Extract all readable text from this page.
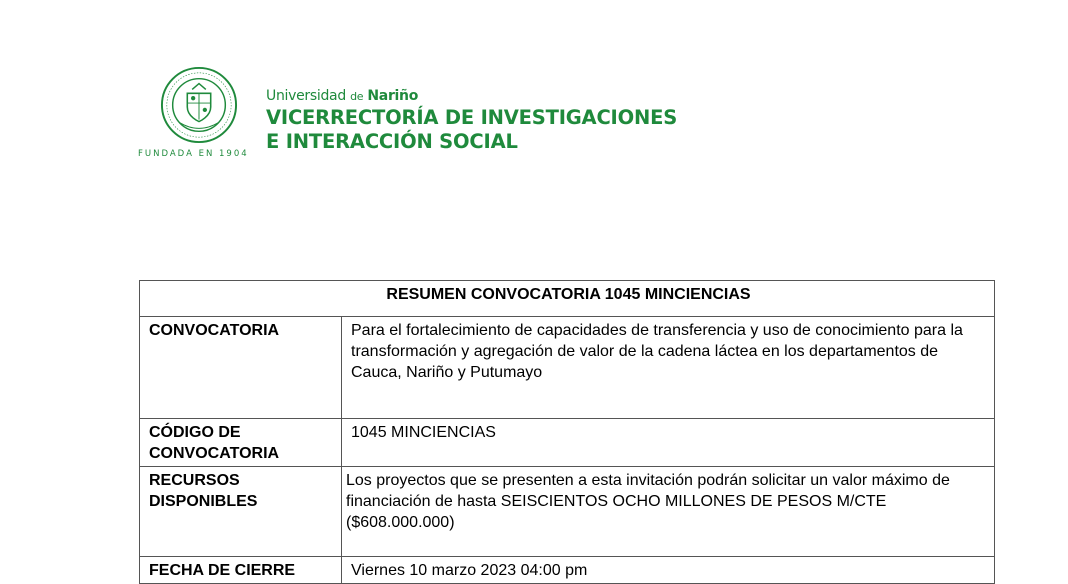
FUNDADA EN 1904
Universidad de Nariño
VICERRECTORÍA DE INVESTIGACIONES
E INTERACCIÓN SOCIAL
RESUMEN CONVOCATORIA 1045 MINCIENCIAS	
CONVOCATORIA	Para el fortalecimiento de capacidades de transferencia y uso de conocimiento para la transformación y agregación de valor de la cadena láctea en los departamentos de Cauca, Nariño y Putumayo
CÓDIGO DE CONVOCATORIA	1045 MINCIENCIAS
RECURSOS DISPONIBLES	Los proyectos que se presenten a esta invitación podrán solicitar un valor máximo de financiación de hasta SEISCIENTOS OCHO MILLONES DE PESOS M/CTE ($608.000.000)
FECHA DE CIERRE	Viernes 10 marzo 2023 04:00 pm
